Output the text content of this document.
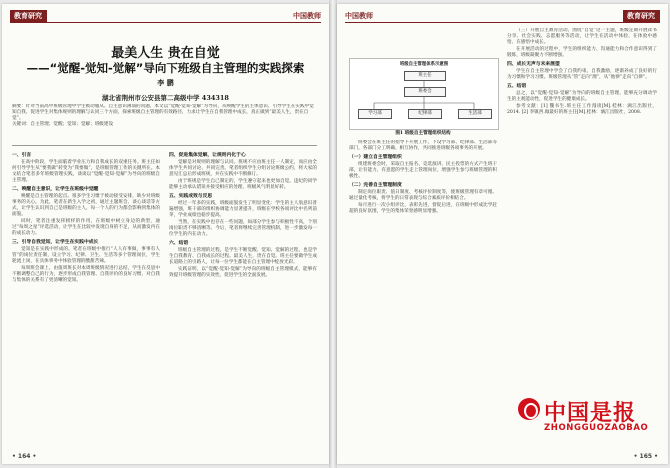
教育研究	中国教师
最美人生 贵在自觉
——“觉醒-觉知-觉解”导向下班级自主管理的实践探索
李 鹏
湖北省荆州市公安县第二高级中学 434318
摘要：针对当前高中班级管理中学生被动服从、自主意识薄弱的问题，本文以“觉醒-觉知-觉解”为导向，从唤醒学生的主体意识、引导学生在实践中觉知自我、促进学生对集体规则的理解与认同三个方面，探索班级自主管理的有效路径，力求让学生在自我管理中成长，真正做到“最美人生，贵在自觉”。
关键词：自主管理；觉醒；觉知；觉解；班级建设

一、引言

在高中阶段，学生面临着学业压力和自我成长的双重任务。班主任如何引导学生从“要我做”转变为“我要做”，是班级管理工作的关键所在。本文结合笔者多年班级管理实践，谈谈以“觉醒-觉知-觉解”为导向的班级自主管理。

二、唤醒自主意识，让学生在班级中觉醒

唤醒是自主管理的起点。很多学生习惯于被动接受安排，缺少对班级事务的关心。为此，笔者在新生入学之初，通过主题班会、谈心谈话等方式，让学生认识到自己是班级的主人，每一个人的行为都会影响到集体的面貌。

同时，笔者注重发挥榜样的作用，在班级中树立身边的典型，通过“每周之星”评选活动，让学生在比较中发现自身的不足，从而激发内在的成长动力。

三、引导自我觉知，让学生在实践中成长

觉知是在实践中形成的。笔者在班级中推行“人人有事做，事事有人管”的岗位责任制，设立学习、纪律、卫生、生活等多个管理岗位，学生轮流上岗，在具体事务中体验管理的酸甜苦辣。

每周班会课上，由值周班长对本周班级情况进行总结，学生在反思中不断调整自己的行为，逐步形成自我管理、自我评价的良好习惯，对自我与集体的关系有了更清晰的觉知。

四、促进集体觉解，让规则内化于心

觉解是对规则的理解与认同。班规不应由班主任一人制定，而应由全体学生共同讨论、共同完善。笔者组织学生分组讨论班级公约，将大家的意见汇总后形成班规，并在实践中不断修订。

由于班规是学生自己制定的，学生遵守起来也更加自觉。违纪的同学能够主动承认错误并接受相应的处理，班级风气明显好转。

五、实践成效与反思

经过一年多的实践，班级面貌发生了明显变化：学生的主人翁意识普遍增强，班干部的组织协调能力显著提升，班级在学校各项评比中名列前茅，学业成绩也稳步提高。

当然，在实践中也存在一些问题，如部分学生参与积极性不高，个别岗位职责不够清晰等。今后，笔者将继续完善管理机制，进一步激发每一位学生的内在动力。

六、结语

班级自主管理的过程，是学生不断觉醒、觉知、觉解的过程，也是学生自我教育、自我成长的过程。最美人生，贵在自觉。班主任要做学生成长道路上的引路人，让每一位学生都能在自主管理中绽放光彩。

实践证明，以“觉醒-觉知-觉解”为导向的班级自主管理模式，能够有效提升班级管理的实效性，促进学生的全面发展。

• 164 •
中国教师	教育研究
班级自主管理体系示意图
班主任
班委会
学习部	纪律部	生活部
图1 班级自主管理组织结构

班委会在班主任的指导下开展工作，下设学习部、纪律部、生活部等部门，各部门分工明确、相互协作，共同推进班级各项事务的开展。

（一）建立自主管理组织

组建班委会时，采取自主报名、竞选演讲、民主投票的方式产生班干部，让有能力、有意愿的学生走上管理岗位，增强学生参与班级管理的积极性。

（二）完善自主管理制度

制定岗位职责、值日制度、考核评价制度等，使班级管理有章可循。通过量化考核，将学生的日常表现与综合素质评价相结合。

每月进行一次小组评比，表彰先进，督促后进，在班级中形成比学赶超的良好氛围，学生的集体荣誉感明显增强。

（三）开展自主教育活动。围绕“自觉”这一主题，班级定期开展读书分享、社会实践、志愿服务等活动，让学生在活动中体验、在体验中感悟、在感悟中成长。

在开展活动的过程中，学生的组织能力、沟通能力和合作意识得到了锻炼，班级凝聚力不断增强。

四、成长无声与未来展望

学生在自主管理中学会了自我约束、自我激励，逐渐养成了良好的行为习惯和学习习惯。班级管理从“管”走向“理”，从“他律”走向“自律”。

五、结语

总之，以“觉醒-觉知-觉解”为导向的班级自主管理，能够充分调动学生的主观能动性，促进学生的健康成长。

参考文献：[1] 魏书生.班主任工作漫谈[M].桂林：漓江出版社，2014. [2] 李镇西.做最好的班主任[M].桂林：漓江出版社，2008.

• 165 •
中国是报
ZHONGGUOZAOBAO
